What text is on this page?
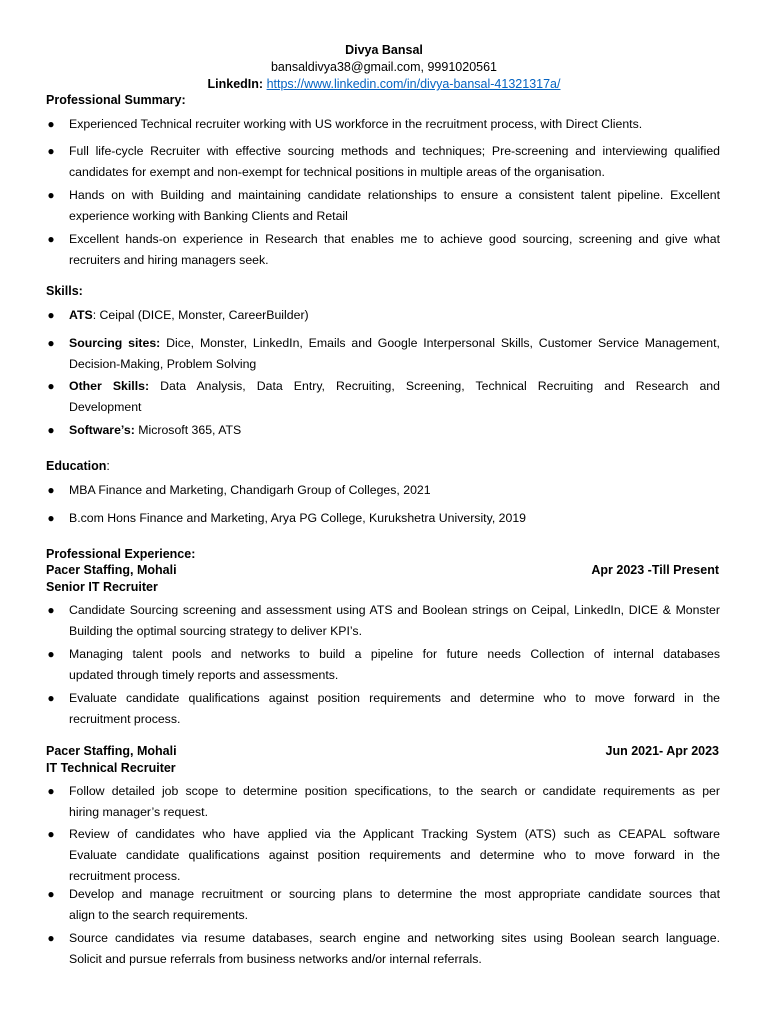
Divya Bansal
bansaldivya38@gmail.com, 9991020561
LinkedIn: https://www.linkedin.com/in/divya-bansal-41321317a/
Professional Summary:
● Experienced Technical recruiter working with US workforce in the recruitment process, with Direct Clients.
● Full life-cycle Recruiter with effective sourcing methods and techniques; Pre-screening and interviewing qualified
candidates for exempt and non-exempt for technical positions in multiple areas of the organisation.
● Hands on with Building and maintaining candidate relationships to ensure a consistent talent pipeline. Excellent
experience working with Banking Clients and Retail
● Excellent hands-on experience in Research that enables me to achieve good sourcing, screening and give what
recruiters and hiring managers seek.
Skills:
● ATS: Ceipal (DICE, Monster, CareerBuilder)
● Sourcing sites: Dice, Monster, LinkedIn, Emails and Google Interpersonal Skills, Customer Service Management,
Decision-Making, Problem Solving
● Other Skills: Data Analysis, Data Entry, Recruiting, Screening, Technical Recruiting and Research and
Development
● Software’s: Microsoft 365, ATS
Education:
● MBA Finance and Marketing, Chandigarh Group of Colleges, 2021
● B.com Hons Finance and Marketing, Arya PG College, Kurukshetra University, 2019
Professional Experience:
Pacer Staffing, Mohali	Apr 2023 -Till Present
Senior IT Recruiter
● Candidate Sourcing screening and assessment using ATS and Boolean strings on Ceipal, LinkedIn, DICE & Monster
Building the optimal sourcing strategy to deliver KPI’s.
● Managing talent pools and networks to build a pipeline for future needs Collection of internal databases
updated through timely reports and assessments.
● Evaluate candidate qualifications against position requirements and determine who to move forward in the
recruitment process.
Pacer Staffing, Mohali	Jun 2021- Apr 2023
IT Technical Recruiter
● Follow detailed job scope to determine position specifications, to the search or candidate requirements as per
hiring manager’s request.
● Review of candidates who have applied via the Applicant Tracking System (ATS) such as CEAPAL software
Evaluate candidate qualifications against position requirements and determine who to move forward in the
recruitment process.
● Develop and manage recruitment or sourcing plans to determine the most appropriate candidate sources that
align to the search requirements.
● Source candidates via resume databases, search engine and networking sites using Boolean search language.
Solicit and pursue referrals from business networks and/or internal referrals.
